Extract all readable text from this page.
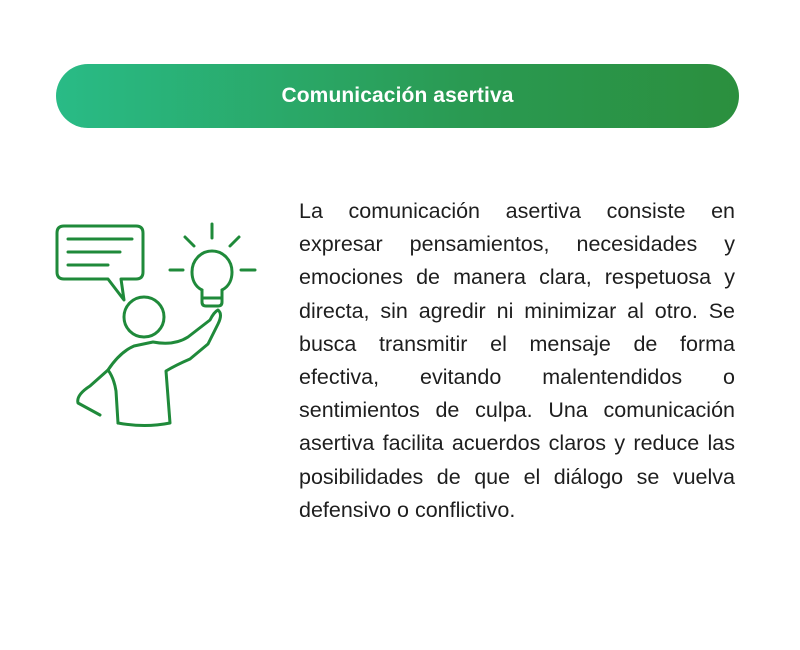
Comunicación asertiva

La comunicación asertiva consiste en expresar pensamientos, necesidades y emociones de manera clara, respetuosa y directa, sin agredir ni minimizar al otro. Se busca transmitir el mensaje de forma efectiva, evitando malentendidos o sentimientos de culpa. Una comunicación asertiva facilita acuerdos claros y reduce las posibilidades de que el diálogo se vuelva defensivo o conflictivo.
